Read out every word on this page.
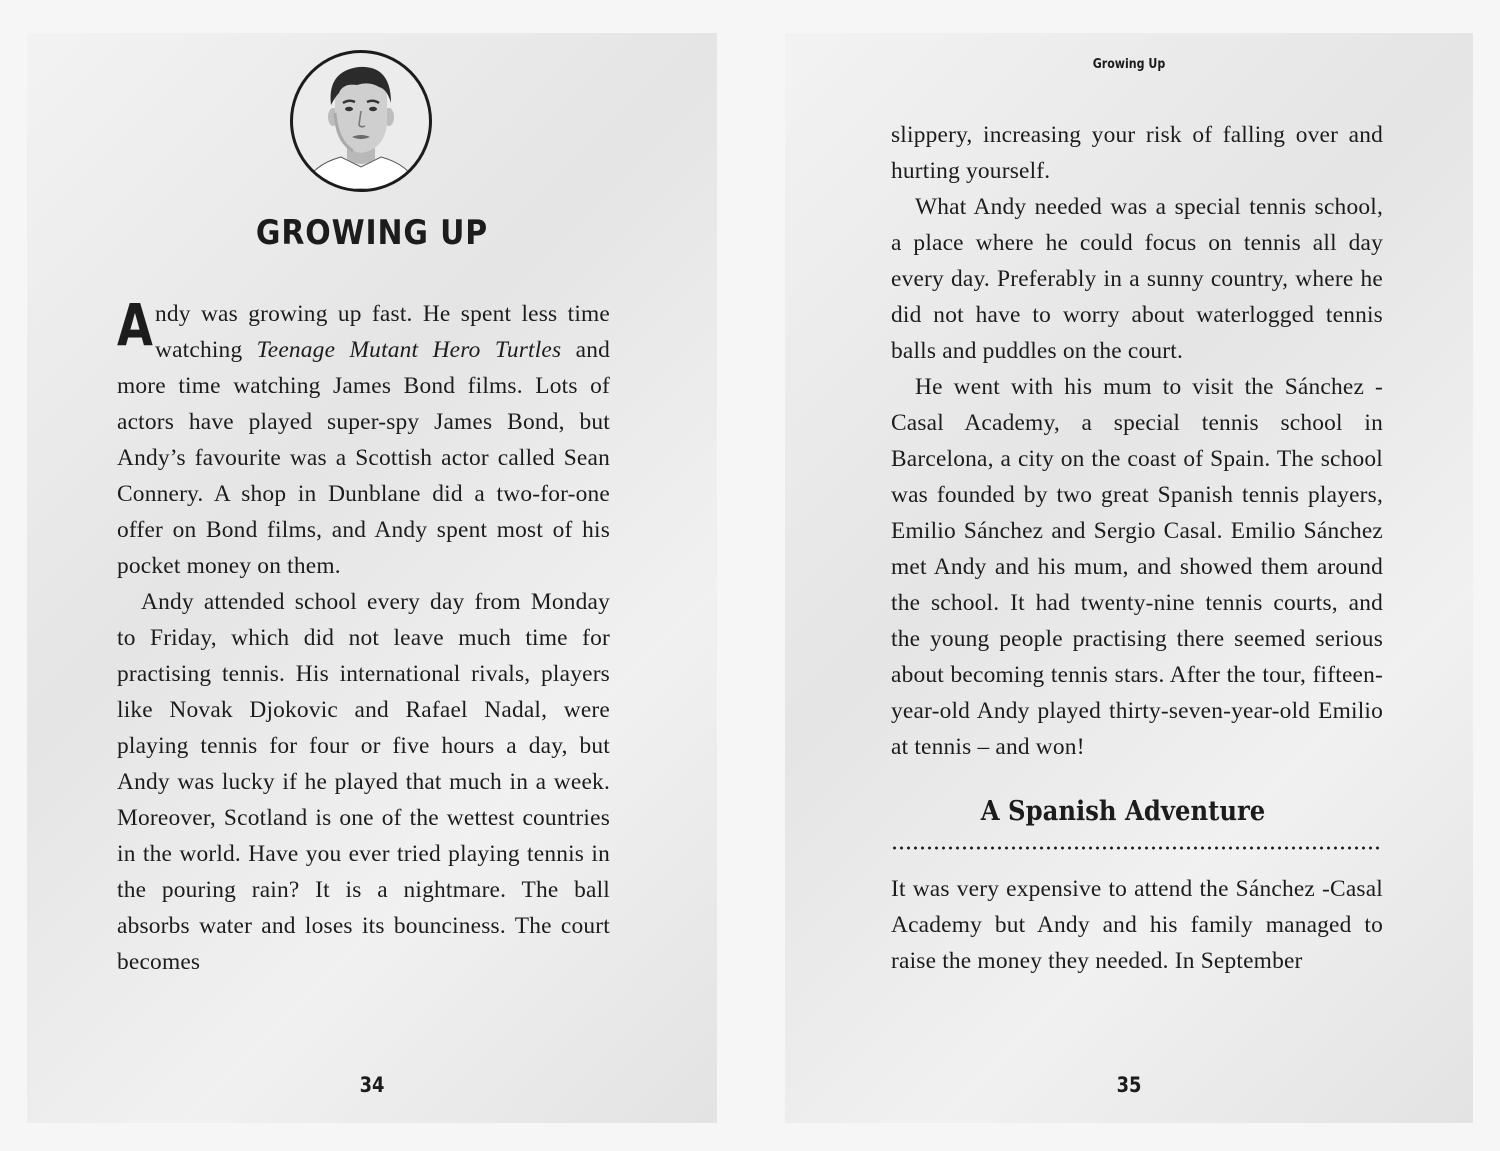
GROWING UP

Andy was growing up fast. He spent less time watching Teenage Mutant Hero Turtles and more time watching James Bond films. Lots of actors have played super-spy James Bond, but Andy’s favourite was a Scottish actor called Sean Connery. A shop in Dunblane did a two-for-one offer on Bond films, and Andy spent most of his pocket money on them.

Andy attended school every day from Monday to Friday, which did not leave much time for practising tennis. His international rivals, players like Novak Djokovic and Rafael Nadal, were playing tennis for four or five hours a day, but Andy was lucky if he played that much in a week. Moreover, Scotland is one of the wettest countries in the world. Have you ever tried playing tennis in the pouring rain? It is a nightmare. The ball absorbs water and loses its bounciness. The court becomes

34
Growing Up

slippery, increasing your risk of falling over and hurting yourself.

What Andy needed was a special tennis school, a place where he could focus on tennis all day every day. Preferably in a sunny country, where he did not have to worry about waterlogged tennis balls and puddles on the court.

He went with his mum to visit the Sánchez -Casal Academy, a special tennis school in Barcelona, a city on the coast of Spain. The school was founded by two great Spanish tennis players, Emilio Sánchez and Sergio Casal. Emilio Sánchez met Andy and his mum, and showed them around the school. It had twenty-nine tennis courts, and the young people practising there seemed serious about becoming tennis stars. After the tour, fifteen-year-old Andy played thirty-seven-year-old Emilio at tennis – and won!

A Spanish Adventure

It was very expensive to attend the Sánchez -Casal Academy but Andy and his family managed to raise the money they needed. In September

35
